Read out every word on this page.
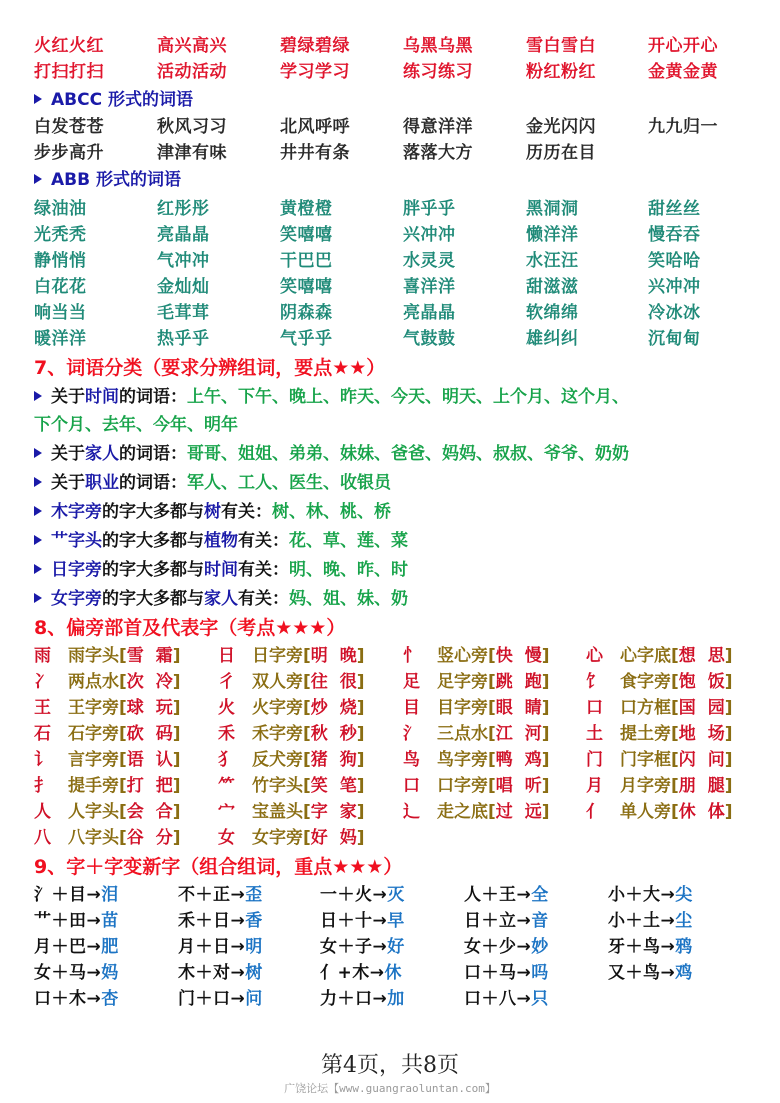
火红火红	高兴高兴	碧绿碧绿	乌黑乌黑	雪白雪白	开心开心
打扫打扫	活动活动	学习学习	练习练习	粉红粉红	金黄金黄
ABCC 形式的词语
白发苍苍	秋风习习	北风呼呼	得意洋洋	金光闪闪	九九归一
步步高升	津津有味	井井有条	落落大方	历历在目
ABB 形式的词语
绿油油	红彤彤	黄橙橙	胖乎乎	黑洞洞	甜丝丝
光秃秃	亮晶晶	笑嘻嘻	兴冲冲	懒洋洋	慢吞吞
静悄悄	气冲冲	干巴巴	水灵灵	水汪汪	笑哈哈
白花花	金灿灿	笑嘻嘻	喜洋洋	甜滋滋	兴冲冲
响当当	毛茸茸	阴森森	亮晶晶	软绵绵	冷冰冰
暖洋洋	热乎乎	气乎乎	气鼓鼓	雄纠纠	沉甸甸
7、词语分类（要求分辨组词，要点★★）
关于时间的词语：上午、下午、晚上、昨天、今天、明天、上个月、这个月、
下个月、去年、今年、明年
关于家人的词语：哥哥、姐姐、弟弟、妹妹、爸爸、妈妈、叔叔、爷爷、奶奶
关于职业的词语：军人、工人、医生、收银员
木字旁的字大多都与树有关：树、林、桃、桥
艹字头的字大多都与植物有关：花、草、莲、菜
日字旁的字大多都与时间有关：明、晚、昨、时
女字旁的字大多都与家人有关：妈、姐、妹、奶
8、偏旁部首及代表字（考点★★★）
雨 雨字头[雪 霜] 日 日字旁[明 晚] 忄 竖心旁[快 慢] 心 心字底[想 思]
冫 两点水[次 冷] 彳 双人旁[往 很] 足 足字旁[跳 跑] 饣 食字旁[饱 饭]
王 王字旁[球 玩] 火 火字旁[炒 烧] 目 目字旁[眼 睛] 口 口方框[国 园]
石 石字旁[砍 码] 禾 禾字旁[秋 秒] 氵 三点水[江 河] 土 提土旁[地 场]
讠 言字旁[语 认] 犭 反犬旁[猪 狗] 鸟 鸟字旁[鸭 鸡] 门 门字框[闪 问]
扌 提手旁[打 把] ⺮ 竹字头[笑 笔] 口 口字旁[唱 听] 月 月字旁[朋 腿]
人 人字头[会 合] 宀 宝盖头[字 家] 辶 走之底[过 远] 亻 单人旁[休 体]
八 八字头[谷 分] 女 女字旁[好 妈]
9、字＋字变新字（组合组词，重点★★★）
氵＋目→泪	不＋正→歪	一＋火→灭	人＋王→全	小＋大→尖
艹＋田→苗	禾＋日→香	日＋十→早	日＋立→音	小＋土→尘
月＋巴→肥	月＋日→明	女＋子→好	女＋少→妙	牙＋鸟→鸦
女＋马→妈	木＋对→树	亻+木→休	口＋马→吗	又＋鸟→鸡
口＋木→杏	门＋口→问	力＋口→加	口＋八→只
第4页，共8页
广饶论坛【www.guangraoluntan.com】
